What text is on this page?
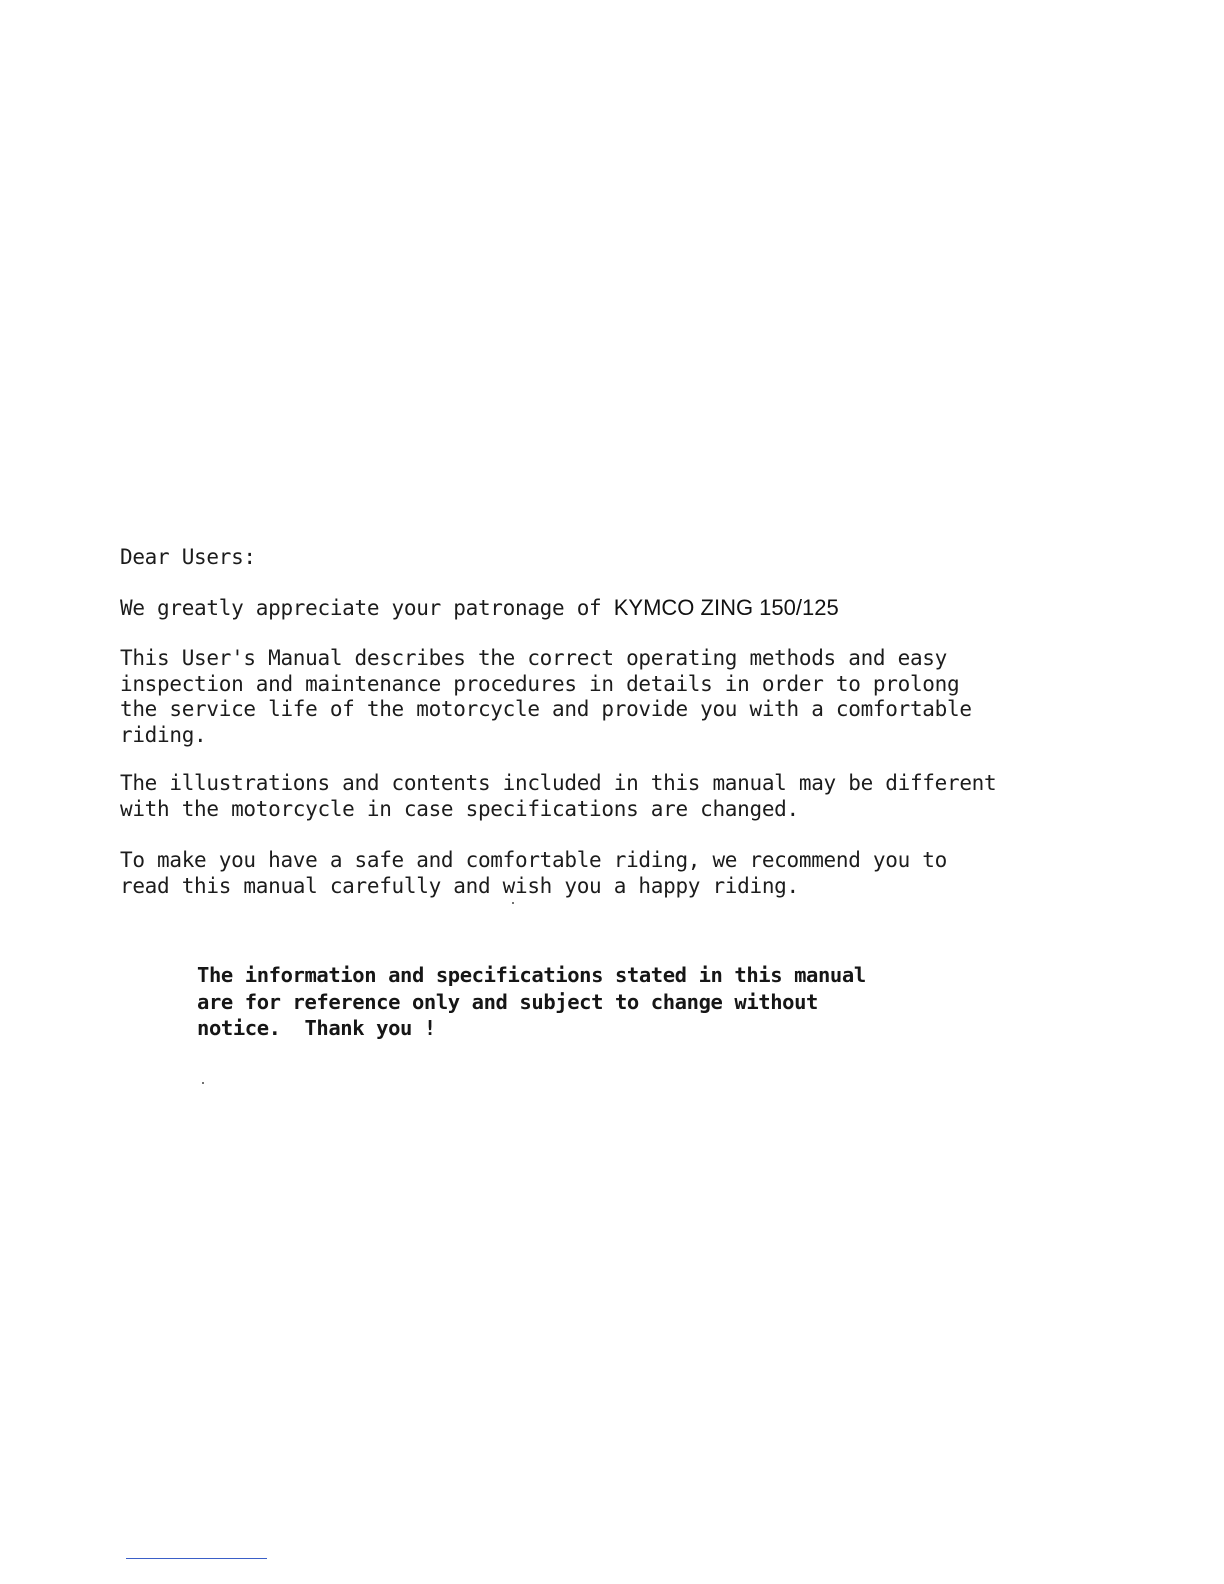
Dear Users:

We greatly appreciate your patronage of KYMCO ZING 150/125

This User's Manual describes the correct operating methods and easy
inspection and maintenance procedures in details in order to prolong
the service life of the motorcycle and provide you with a comfortable
riding.

The illustrations and contents included in this manual may be different
with the motorcycle in case specifications are changed.

To make you have a safe and comfortable riding, we recommend you to
read this manual carefully and wish you a happy riding.

The information and specifications stated in this manual
are for reference only and subject to change without
notice.  Thank you !
